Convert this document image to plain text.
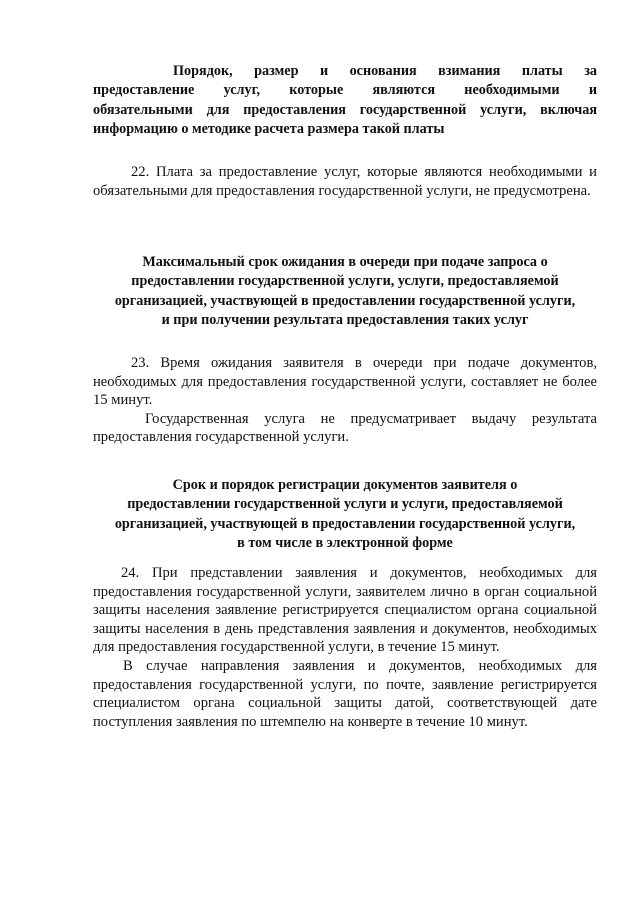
Порядок, размер и основания взимания платы за
предоставление услуг, которые являются необходимыми и
обязательными для предоставления государственной услуги, включая
информацию о методике расчета размера такой платы

22. Плата за предоставление услуг, которые являются необходимыми и обязательными для предоставления государственной услуги, не предусмотрена.

Максимальный срок ожидания в очереди при подаче запроса о
предоставлении государственной услуги, услуги, предоставляемой
организацией, участвующей в предоставлении государственной услуги,
и при получении результата предоставления таких услуг

23. Время ожидания заявителя в очереди при подаче документов, необходимых для предоставления государственной услуги, составляет не более 15 минут.

Государственная услуга не предусматривает выдачу результата предоставления государственной услуги.

Срок и порядок регистрации документов заявителя о
предоставлении государственной услуги и услуги, предоставляемой
организацией, участвующей в предоставлении государственной услуги,
в том числе в электронной форме

24. При представлении заявления и документов, необходимых для предоставления государственной услуги, заявителем лично в орган социальной защиты населения заявление регистрируется специалистом органа социальной защиты населения в день представления заявления и документов, необходимых для предоставления государственной услуги, в течение 15 минут.

В случае направления заявления и документов, необходимых для предоставления государственной услуги, по почте, заявление регистрируется специалистом органа социальной защиты датой, соответствующей дате поступления заявления по штемпелю на конверте в течение 10 минут.
